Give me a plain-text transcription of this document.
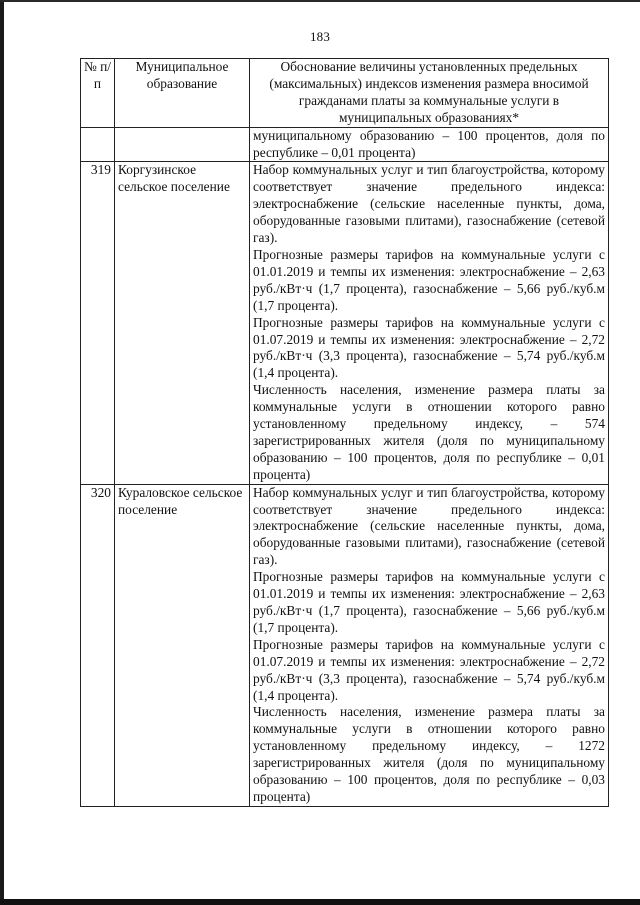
183
№ п/п	Муниципальное образование	Обоснование величины установленных предельных (максимальных) индексов изменения размера вносимой гражданами платы за коммунальные услуги в муниципальных образованиях*

		муниципальному образованию – 100 процентов, доля по республике – 0,01 процента)

319	Коргузинское сельское поселение	Набор коммунальных услуг и тип благоустройства, которому соответствует значение предельного индекса: электроснабжение (сельские населенные пункты, дома, оборудованные газовыми плитами), газоснабжение (сетевой газ).

Прогнозные размеры тарифов на коммунальные услуги с 01.01.2019 и темпы их изменения: электроснабжение – 2,63 руб./кВт·ч (1,7 процента), газоснабжение – 5,66 руб./куб.м (1,7 процента).

Прогнозные размеры тарифов на коммунальные услуги с 01.07.2019 и темпы их изменения: электроснабжение – 2,72 руб./кВт·ч (3,3 процента), газоснабжение – 5,74 руб./куб.м (1,4 процента).

Численность населения, изменение размера платы за коммунальные услуги в отношении которого равно установленному предельному индексу, – 574 зарегистрированных жителя (доля по муниципальному образованию – 100 процентов, доля по республике – 0,01 процента)

320	Кураловское сельское поселение	Набор коммунальных услуг и тип благоустройства, которому соответствует значение предельного индекса: электроснабжение (сельские населенные пункты, дома, оборудованные газовыми плитами), газоснабжение (сетевой газ).

Прогнозные размеры тарифов на коммунальные услуги с 01.01.2019 и темпы их изменения: электроснабжение – 2,63 руб./кВт·ч (1,7 процента), газоснабжение – 5,66 руб./куб.м (1,7 процента).

Прогнозные размеры тарифов на коммунальные услуги с 01.07.2019 и темпы их изменения: электроснабжение – 2,72 руб./кВт·ч (3,3 процента), газоснабжение – 5,74 руб./куб.м (1,4 процента).

Численность населения, изменение размера платы за коммунальные услуги в отношении которого равно установленному предельному индексу, – 1272 зарегистрированных жителя (доля по муниципальному образованию – 100 процентов, доля по республике – 0,03 процента)
